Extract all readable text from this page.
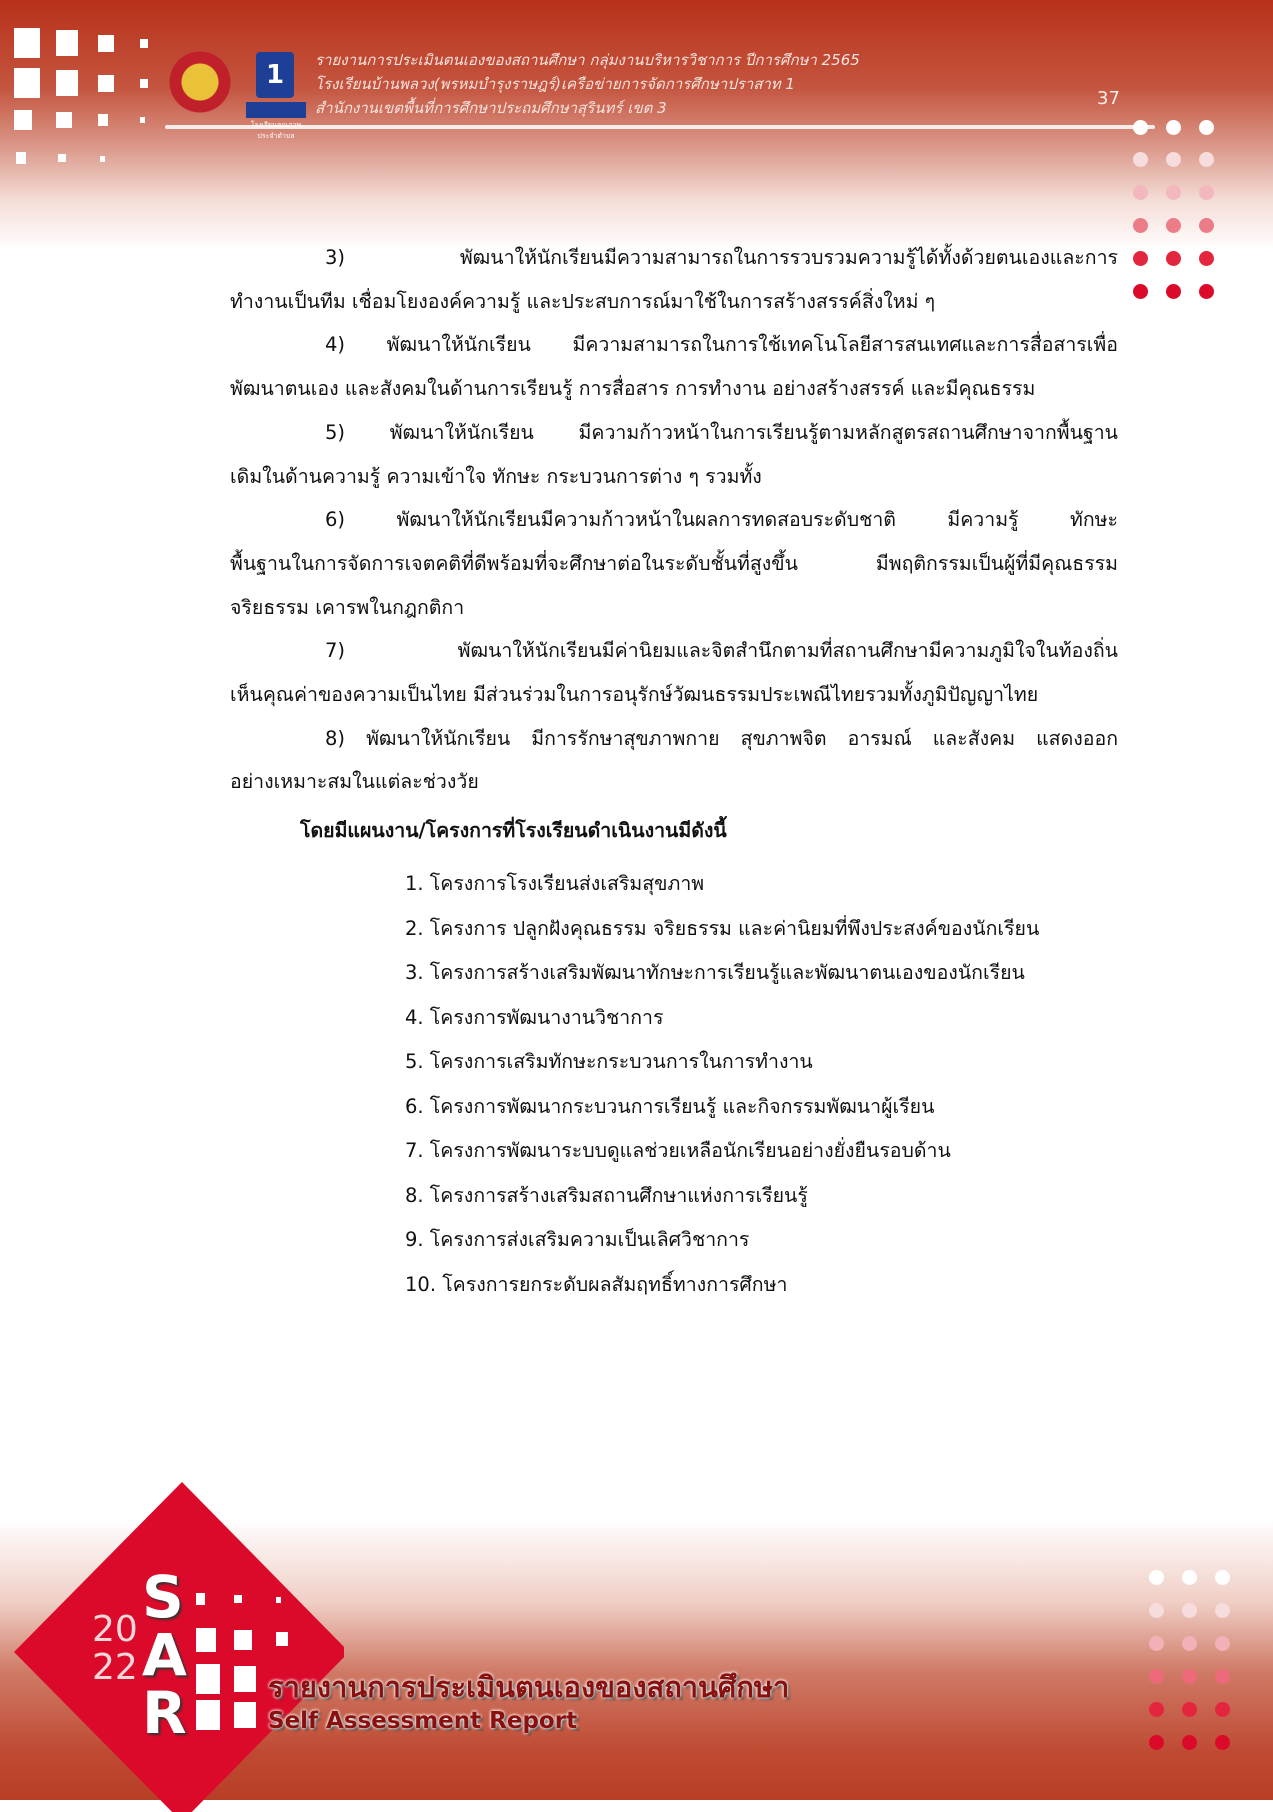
1	รายงานการประเมินตนเองของสถานศึกษา กลุ่มงานบริหารวิชาการ ปีการศึกษา 2565
โรงเรียนบ้านพลวง(พรหมบำรุงราษฎร์)เครือข่ายการจัดการศึกษาปราสาท 1
สำนักงานเขตพื้นที่การศึกษาประถมศึกษาสุรินทร์ เขต 3	37

3) พัฒนาให้นักเรียนมีความสามารถในการรวบรวมความรู้ได้ทั้งด้วยตนเองและการ
ทำงานเป็นทีม เชื่อมโยงองค์ความรู้ และประสบการณ์มาใช้ในการสร้างสรรค์สิ่งใหม่ ๆ

4) พัฒนาให้นักเรียน มีความสามารถในการใช้เทคโนโลยีสารสนเทศและการสื่อสารเพื่อ
พัฒนาตนเอง และสังคมในด้านการเรียนรู้ การสื่อสาร การทำงาน อย่างสร้างสรรค์ และมีคุณธรรม

5) พัฒนาให้นักเรียน มีความก้าวหน้าในการเรียนรู้ตามหลักสูตรสถานศึกษาจากพื้นฐาน
เดิมในด้านความรู้ ความเข้าใจ ทักษะ กระบวนการต่าง ๆ รวมทั้ง

6) พัฒนาให้นักเรียนมีความก้าวหน้าในผลการทดสอบระดับชาติ มีความรู้ ทักษะ
พื้นฐานในการจัดการเจตคติที่ดีพร้อมที่จะศึกษาต่อในระดับชั้นที่สูงขึ้น มีพฤติกรรมเป็นผู้ที่มีคุณธรรม
จริยธรรม เคารพในกฎกติกา

7) พัฒนาให้นักเรียนมีค่านิยมและจิตสำนึกตามที่สถานศึกษามีความภูมิใจในท้องถิ่น
เห็นคุณค่าของความเป็นไทย มีส่วนร่วมในการอนุรักษ์วัฒนธรรมประเพณีไทยรวมทั้งภูมิปัญญาไทย

8) พัฒนาให้นักเรียน มีการรักษาสุขภาพกาย สุขภาพจิต อารมณ์ และสังคม แสดงออก
อย่างเหมาะสมในแต่ละช่วงวัย

โดยมีแผนงาน/โครงการที่โรงเรียนดำเนินงานมีดังนี้
1. โครงการโรงเรียนส่งเสริมสุขภาพ
2. โครงการ ปลูกฝังคุณธรรม จริยธรรม และค่านิยมที่พึงประสงค์ของนักเรียน
3. โครงการสร้างเสริมพัฒนาทักษะการเรียนรู้และพัฒนาตนเองของนักเรียน
4. โครงการพัฒนางานวิชาการ
5. โครงการเสริมทักษะกระบวนการในการทำงาน
6. โครงการพัฒนากระบวนการเรียนรู้ และกิจกรรมพัฒนาผู้เรียน
7. โครงการพัฒนาระบบดูแลช่วยเหลือนักเรียนอย่างยั่งยืนรอบด้าน
8. โครงการสร้างเสริมสถานศึกษาแห่งการเรียนรู้
9. โครงการส่งเสริมความเป็นเลิศวิชาการ
10. โครงการยกระดับผลสัมฤทธิ์ทางการศึกษา
20
22
S
A
R	รายงานการประเมินตนเองของสถานศึกษา
Self Assessment Report
โรงเรียนคุณภาพประจำตำบล
